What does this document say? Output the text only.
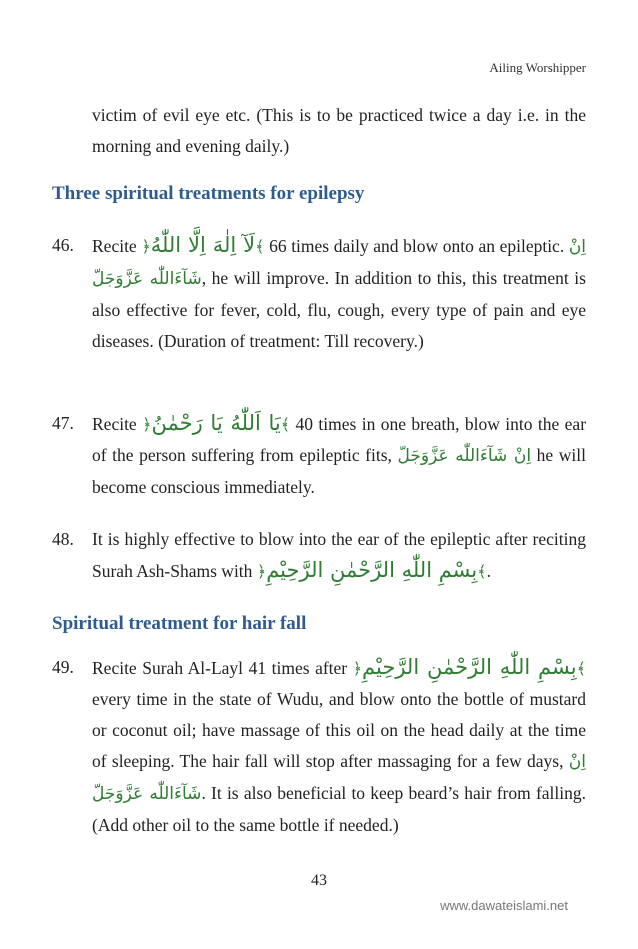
Ailing Worshipper
victim of evil eye etc. (This is to be practiced twice a day i.e. in the morning and evening daily.)
Three spiritual treatments for epilepsy
46.	Recite ﴿لَآ اِلٰهَ اِلَّا اللّٰهُ﴾ 66 times daily and blow onto an epileptic. اِنْ شَآءَاللّٰه عَزَّوَجَلّ, he will improve. In addition to this, this treatment is also effective for fever, cold, flu, cough, every type of pain and eye diseases. (Duration of treatment: Till recovery.)
47.	Recite ﴿يَا اَللّٰهُ يَا رَحْمٰنُ﴾ 40 times in one breath, blow into the ear of the person suffering from epileptic fits, اِنْ شَآءَاللّٰه عَزَّوَجَلّ he will become conscious immediately.
48.	It is highly effective to blow into the ear of the epileptic after reciting Surah Ash-Shams with ﴿بِسْمِ اللّٰهِ الرَّحْمٰنِ الرَّحِيْمِ﴾.
Spiritual treatment for hair fall
49.	Recite Surah Al-Layl 41 times after ﴿بِسْمِ اللّٰهِ الرَّحْمٰنِ الرَّحِيْمِ﴾ every time in the state of Wudu, and blow onto the bottle of mustard or coconut oil; have massage of this oil on the head daily at the time of sleeping. The hair fall will stop after massaging for a few days, اِنْ شَآءَاللّٰه عَزَّوَجَلّ. It is also beneficial to keep beard’s hair from falling. (Add other oil to the same bottle if needed.)
43
www.dawateislami.net
